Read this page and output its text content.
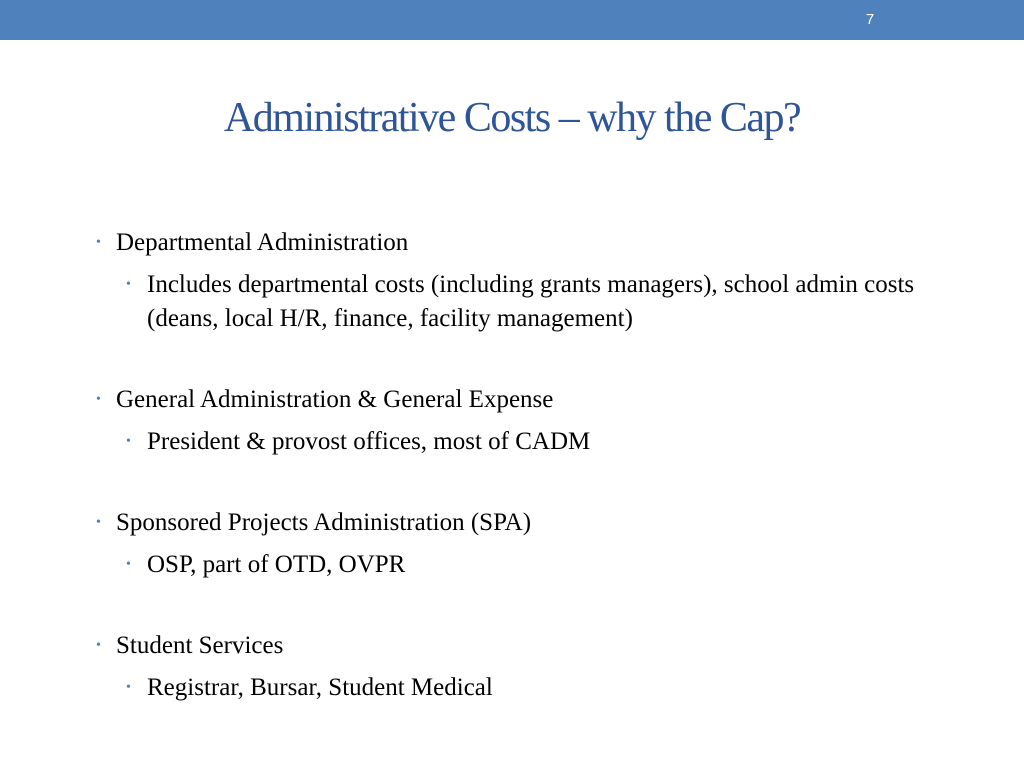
7
Administrative Costs – why the Cap?
• Departmental Administration
• Includes departmental costs (including grants managers), school admin costs (deans, local H/R, finance, facility management)
• General Administration & General Expense
• President & provost offices, most of CADM
• Sponsored Projects Administration (SPA)
• OSP, part of OTD, OVPR
• Student Services
• Registrar, Bursar, Student Medical
